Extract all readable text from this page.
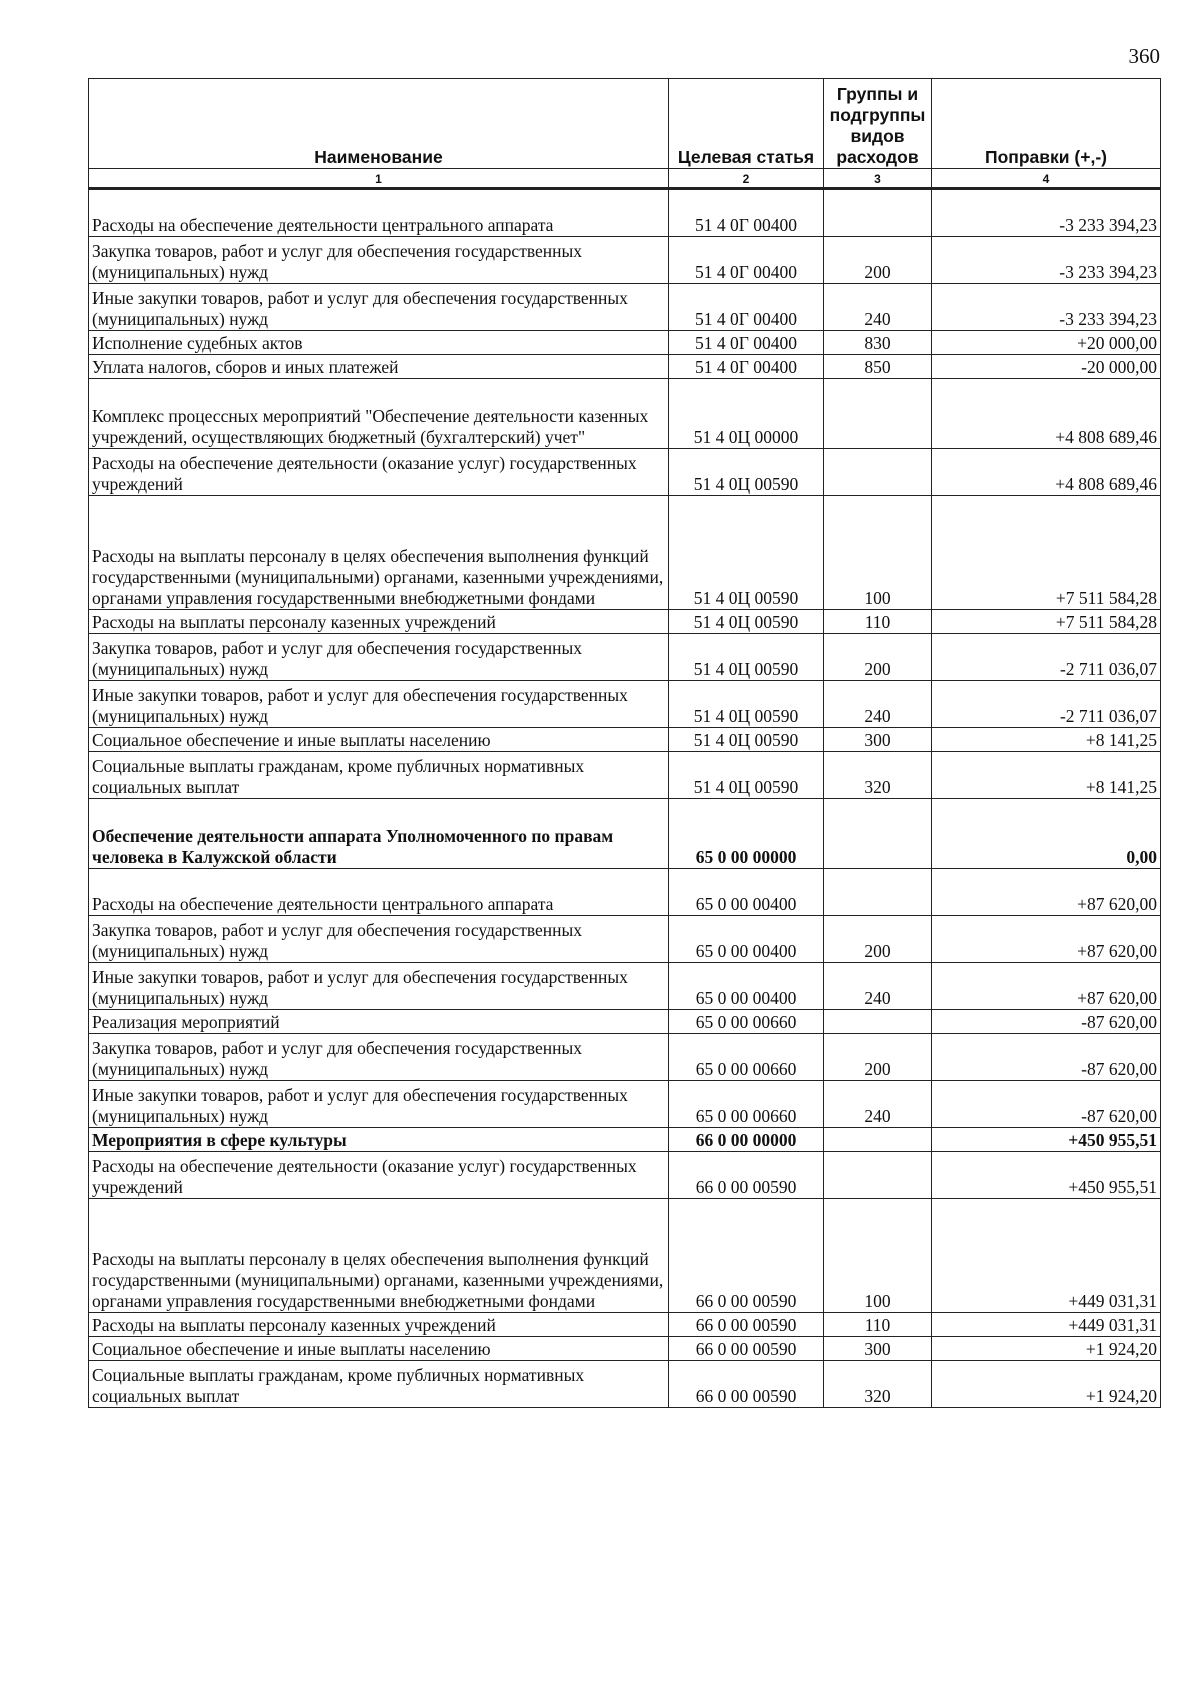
360
Наименование	Целевая статья	Группы и подгруппы видов расходов	Поправки (+,-)
1	2	3	4
Расходы на обеспечение деятельности центрального аппарата	51 4 0Г 00400		-3 233 394,23
Закупка товаров, работ и услуг для обеспечения государственных (муниципальных) нужд	51 4 0Г 00400	200	-3 233 394,23
Иные закупки товаров, работ и услуг для обеспечения государственных (муниципальных) нужд	51 4 0Г 00400	240	-3 233 394,23
Исполнение судебных актов	51 4 0Г 00400	830	+20 000,00
Уплата налогов, сборов и иных платежей	51 4 0Г 00400	850	-20 000,00
Комплекс процессных мероприятий "Обеспечение деятельности казенных учреждений, осуществляющих бюджетный (бухгалтерский) учет"	51 4 0Ц 00000		+4 808 689,46
Расходы на обеспечение деятельности (оказание услуг) государственных учреждений	51 4 0Ц 00590		+4 808 689,46
Расходы на выплаты персоналу в целях обеспечения выполнения функций государственными (муниципальными) органами, казенными учреждениями, органами управления государственными внебюджетными фондами	51 4 0Ц 00590	100	+7 511 584,28
Расходы на выплаты персоналу казенных учреждений	51 4 0Ц 00590	110	+7 511 584,28
Закупка товаров, работ и услуг для обеспечения государственных (муниципальных) нужд	51 4 0Ц 00590	200	-2 711 036,07
Иные закупки товаров, работ и услуг для обеспечения государственных (муниципальных) нужд	51 4 0Ц 00590	240	-2 711 036,07
Социальное обеспечение и иные выплаты населению	51 4 0Ц 00590	300	+8 141,25
Социальные выплаты гражданам, кроме публичных нормативных социальных выплат	51 4 0Ц 00590	320	+8 141,25
Обеспечение деятельности аппарата Уполномоченного по правам человека в Калужской области	65 0 00 00000		0,00
Расходы на обеспечение деятельности центрального аппарата	65 0 00 00400		+87 620,00
Закупка товаров, работ и услуг для обеспечения государственных (муниципальных) нужд	65 0 00 00400	200	+87 620,00
Иные закупки товаров, работ и услуг для обеспечения государственных (муниципальных) нужд	65 0 00 00400	240	+87 620,00
Реализация мероприятий	65 0 00 00660		-87 620,00
Закупка товаров, работ и услуг для обеспечения государственных (муниципальных) нужд	65 0 00 00660	200	-87 620,00
Иные закупки товаров, работ и услуг для обеспечения государственных (муниципальных) нужд	65 0 00 00660	240	-87 620,00
Мероприятия в сфере культуры	66 0 00 00000		+450 955,51
Расходы на обеспечение деятельности (оказание услуг) государственных учреждений	66 0 00 00590		+450 955,51
Расходы на выплаты персоналу в целях обеспечения выполнения функций государственными (муниципальными) органами, казенными учреждениями, органами управления государственными внебюджетными фондами	66 0 00 00590	100	+449 031,31
Расходы на выплаты персоналу казенных учреждений	66 0 00 00590	110	+449 031,31
Социальное обеспечение и иные выплаты населению	66 0 00 00590	300	+1 924,20
Социальные выплаты гражданам, кроме публичных нормативных социальных выплат	66 0 00 00590	320	+1 924,20
